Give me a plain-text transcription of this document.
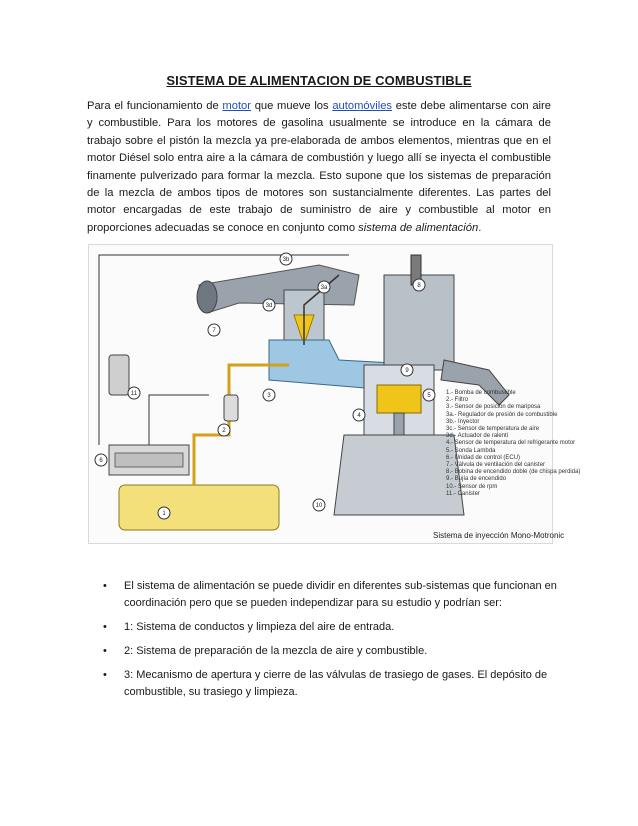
SISTEMA DE ALIMENTACION DE COMBUSTIBLE
Para el funcionamiento de motor que mueve los automóviles este debe alimentarse con aire y combustible. Para los motores de gasolina usualmente se introduce en la cámara de trabajo sobre el pistón la mezcla ya pre-elaborada de ambos elementos, mientras que en el motor Diésel solo entra aire a la cámara de combustión y luego allí se inyecta el combustible finamente pulverizado para formar la mezcla. Esto supone que los sistemas de preparación de la mezcla de ambos tipos de motores son sustancialmente diferentes. Las partes del motor encargadas de este trabajo de suministro de aire y combustible al motor en proporciones adecuadas se conoce en conjunto como sistema de alimentación.
3b
3a
3d
7
3
8
11
2
6
1
4
10
9
5	1.- Bomba de combustible
2.- Filtro
3.- Sensor de posición de mariposa
3a.- Regulador de presión de combustible
3b.- Inyector
3c.- Sensor de temperatura de aire
3d.- Actuador de ralentí
4.- Sensor de temperatura del refrigerante motor
5.- Sonda Lambda
6.- Unidad de control (ECU)
7.- Válvula de ventilación del canister
8.- Bobina de encendido doble (de chispa perdida)
9.- Bujía de encendido
10.- Sensor de rpm
11.- Canister
Sistema de inyección Mono-Motronic
• El sistema de alimentación se puede dividir en diferentes sub-sistemas que funcionan en coordinación pero que se pueden independizar para su estudio y podrían ser:
• 1: Sistema de conductos y limpieza del aire de entrada.
• 2: Sistema de preparación de la mezcla de aire y combustible.
• 3: Mecanismo de apertura y cierre de las válvulas de trasiego de gases. El depósito de combustible, su trasiego y limpieza.
